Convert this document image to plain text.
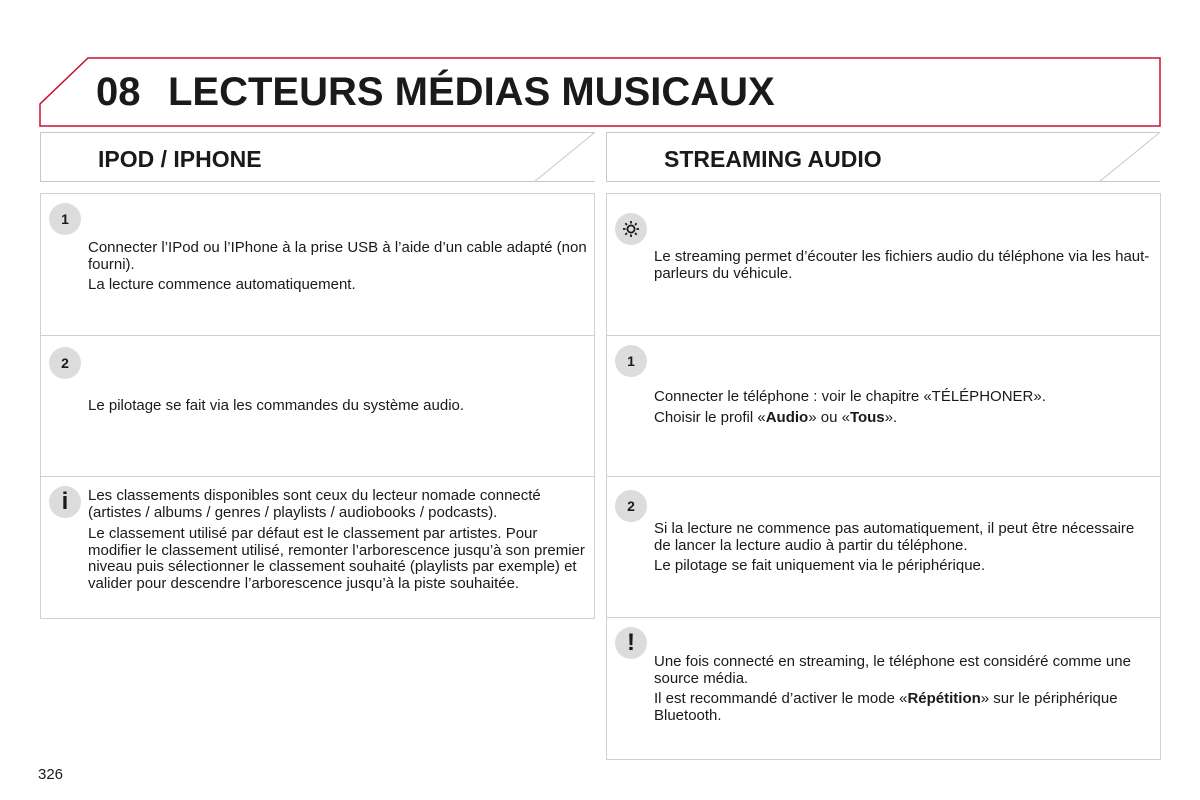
08 LECTEURS MÉDIAS MUSICAUX
IPOD / IPHONE	STREAMING AUDIO
1
Connecter l’IPod ou l’IPhone à la prise USB à l’aide d’un cable adapté (non fourni).
La lecture commence automatiquement.
2
Le pilotage se fait via les commandes du système audio.
i	Les classements disponibles sont ceux du lecteur nomade connecté (artistes / albums / genres / playlists / audiobooks / podcasts).
Le classement utilisé par défaut est le classement par artistes. Pour modifier le classement utilisé, remonter l’arborescence jusqu’à son premier niveau puis sélectionner le classement souhaité (playlists par exemple) et valider pour descendre l’arborescence jusqu’à la piste souhaitée.
Le streaming permet d’écouter les fichiers audio du téléphone via les haut-parleurs du véhicule.
1
Connecter le téléphone : voir le chapitre «TÉLÉPHONER».
Choisir le profil «Audio» ou «Tous».
2
Si la lecture ne commence pas automatiquement, il peut être nécessaire de lancer la lecture audio à partir du téléphone.
Le pilotage se fait uniquement via le périphérique.
!
Une fois connecté en streaming, le téléphone est considéré comme une source média.
Il est recommandé d’activer le mode «Répétition» sur le périphérique Bluetooth.
326
